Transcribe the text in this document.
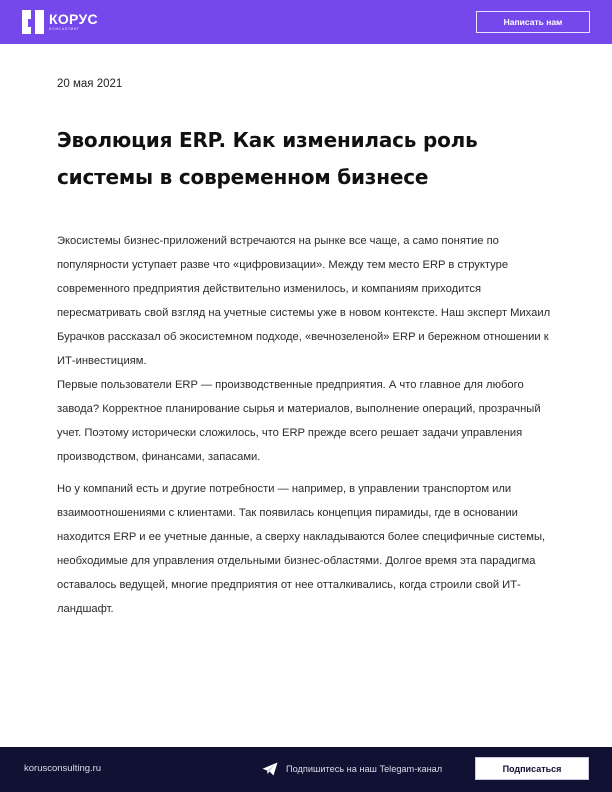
КОРУС
КОНСАЛТИНГ
Написать нам
20 мая 2021
Эволюция ERP. Как изменилась роль системы в современном бизнесе

Экосистемы бизнес-приложений встречаются на рынке все чаще, а само понятие по популярности уступает разве что «цифровизации». Между тем место ERP в структуре современного предприятия действительно изменилось, и компаниям приходится пересматривать свой взгляд на учетные системы уже в новом контексте. Наш эксперт Михаил Бурачков рассказал об экосистемном подходе, «вечнозеленой» ERP и бережном отношении к ИТ-инвестициям.

Первые пользователи ERP — производственные предприятия. А что главное для любого завода? Корректное планирование сырья и материалов, выполнение операций, прозрачный учет. Поэтому исторически сложилось, что ERP прежде всего решает задачи управления производством, финансами, запасами.

Но у компаний есть и другие потребности — например, в управлении транспортом или взаимоотношениями с клиентами. Так появилась концепция пирамиды, где в основании находится ERP и ее учетные данные, а сверху накладываются более специфичные системы, необходимые для управления отдельными бизнес-областями. Долгое время эта парадигма оставалось ведущей, многие предприятия от нее отталкивались, когда строили свой ИТ-ландшафт.

korusconsulting.ru	Подпишитесь на наш Telegam-канал	Подписаться
